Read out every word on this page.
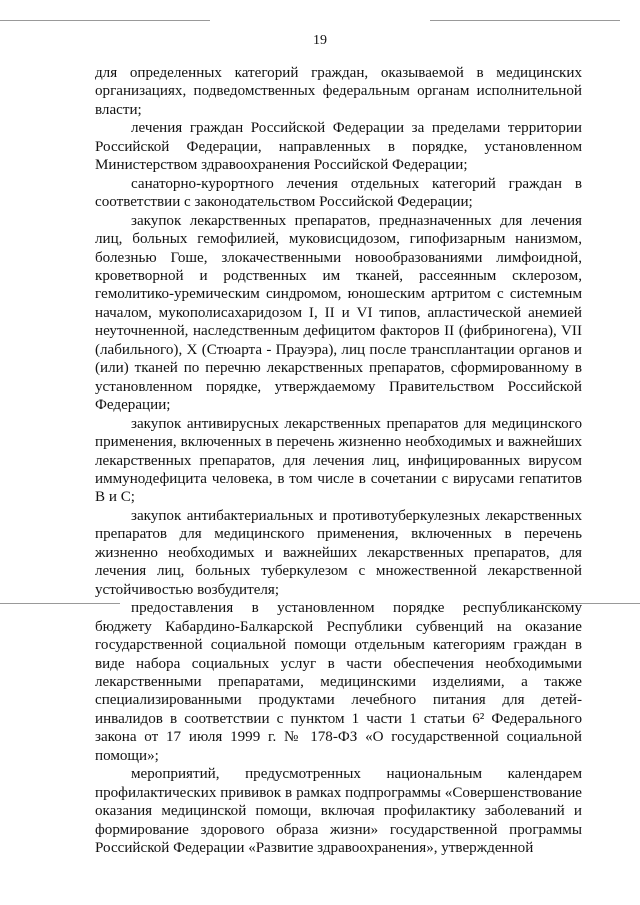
19

для определенных категорий граждан, оказываемой в медицинских организациях, подведомственных федеральным органам исполнительной власти;

лечения граждан Российской Федерации за пределами территории Российской Федерации, направленных в порядке, установленном Министерством здравоохранения Российской Федерации;

санаторно-курортного лечения отдельных категорий граждан в соответствии с законодательством Российской Федерации;

закупок лекарственных препаратов, предназначенных для лечения лиц, больных гемофилией, муковисцидозом, гипофизарным нанизмом, болезнью Гоше, злокачественными новообразованиями лимфоидной, кроветворной и родственных им тканей, рассеянным склерозом, гемолитико-уремическим синдромом, юношеским артритом с системным началом, мукополисахаридозом I, II и VI типов, апластической анемией неуточненной, наследственным дефицитом факторов II (фибриногена), VII (лабильного), X (Стюарта - Прауэра), лиц после трансплантации органов и (или) тканей по перечню лекарственных препаратов, сформированному в установленном порядке, утверждаемому Правительством Российской Федерации;

закупок антивирусных лекарственных препаратов для медицинского применения, включенных в перечень жизненно необходимых и важнейших лекарственных препаратов, для лечения лиц, инфицированных вирусом иммунодефицита человека, в том числе в сочетании с вирусами гепатитов B и C;

закупок антибактериальных и противотуберкулезных лекарственных препаратов для медицинского применения, включенных в перечень жизненно необходимых и важнейших лекарственных препаратов, для лечения лиц, больных туберкулезом с множественной лекарственной устойчивостью возбудителя;

предоставления в установленном порядке республиканскому бюджету Кабардино-Балкарской Республики субвенций на оказание государственной социальной помощи отдельным категориям граждан в виде набора социальных услуг в части обеспечения необходимыми лекарственными препаратами, медицинскими изделиями, а также специализированными продуктами лечебного питания для детей-инвалидов в соответствии с пунктом 1 части 1 статьи 6² Федерального закона от 17 июля 1999 г. № 178-ФЗ «О государственной социальной помощи»;

мероприятий, предусмотренных национальным календарем профилактических прививок в рамках подпрограммы «Совершенствование оказания медицинской помощи, включая профилактику заболеваний и формирование здорового образа жизни» государственной программы Российской Федерации «Развитие здравоохранения», утвержденной
